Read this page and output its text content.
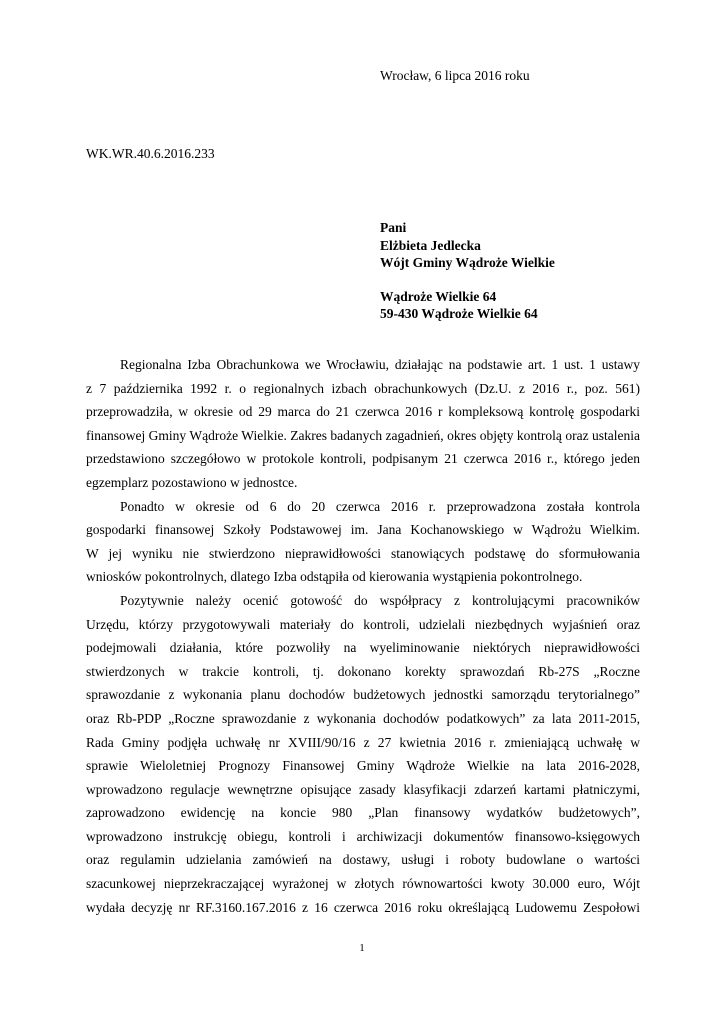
Wrocław, 6 lipca 2016 roku
WK.WR.40.6.2016.233
Pani
Elżbieta Jedlecka
Wójt Gminy Wądroże Wielkie
Wądroże Wielkie 64
59-430 Wądroże Wielkie 64
Regionalna Izba Obrachunkowa we Wrocławiu, działając na podstawie art. 1 ust. 1 ustawy
z 7 października 1992 r. o regionalnych izbach obrachunkowych (Dz.U. z 2016 r., poz. 561)
przeprowadziła, w okresie od 29 marca do 21 czerwca 2016 r kompleksową kontrolę gospodarki
finansowej Gminy Wądroże Wielkie. Zakres badanych zagadnień, okres objęty kontrolą oraz ustalenia
przedstawiono szczegółowo w protokole kontroli, podpisanym 21 czerwca 2016 r., którego jeden
egzemplarz pozostawiono w jednostce.
Ponadto w okresie od 6 do 20 czerwca 2016 r. przeprowadzona została kontrola
gospodarki finansowej Szkoły Podstawowej im. Jana Kochanowskiego w Wądrożu Wielkim.
W jej wyniku nie stwierdzono nieprawidłowości stanowiących podstawę do sformułowania
wniosków pokontrolnych, dlatego Izba odstąpiła od kierowania wystąpienia pokontrolnego.
Pozytywnie należy ocenić gotowość do współpracy z kontrolującymi pracowników
Urzędu, którzy przygotowywali materiały do kontroli, udzielali niezbędnych wyjaśnień oraz
podejmowali działania, które pozwoliły na wyeliminowanie niektórych nieprawidłowości
stwierdzonych w trakcie kontroli, tj. dokonano korekty sprawozdań Rb-27S „Roczne
sprawozdanie z wykonania planu dochodów budżetowych jednostki samorządu terytorialnego”
oraz Rb-PDP „Roczne sprawozdanie z wykonania dochodów podatkowych” za lata 2011-2015,
Rada Gminy podjęła uchwałę nr XVIII/90/16 z 27 kwietnia 2016 r. zmieniającą uchwałę w
sprawie Wieloletniej Prognozy Finansowej Gminy Wądroże Wielkie na lata 2016-2028,
wprowadzono regulacje wewnętrzne opisujące zasady klasyfikacji zdarzeń kartami płatniczymi,
zaprowadzono ewidencję na koncie 980 „Plan finansowy wydatków budżetowych”,
wprowadzono instrukcję obiegu, kontroli i archiwizacji dokumentów finansowo-księgowych
oraz regulamin udzielania zamówień na dostawy, usługi i roboty budowlane o wartości
szacunkowej nieprzekraczającej wyrażonej w złotych równowartości kwoty 30.000 euro, Wójt
wydała decyzję nr RF.3160.167.2016 z 16 czerwca 2016 roku określającą Ludowemu Zespołowi
1
